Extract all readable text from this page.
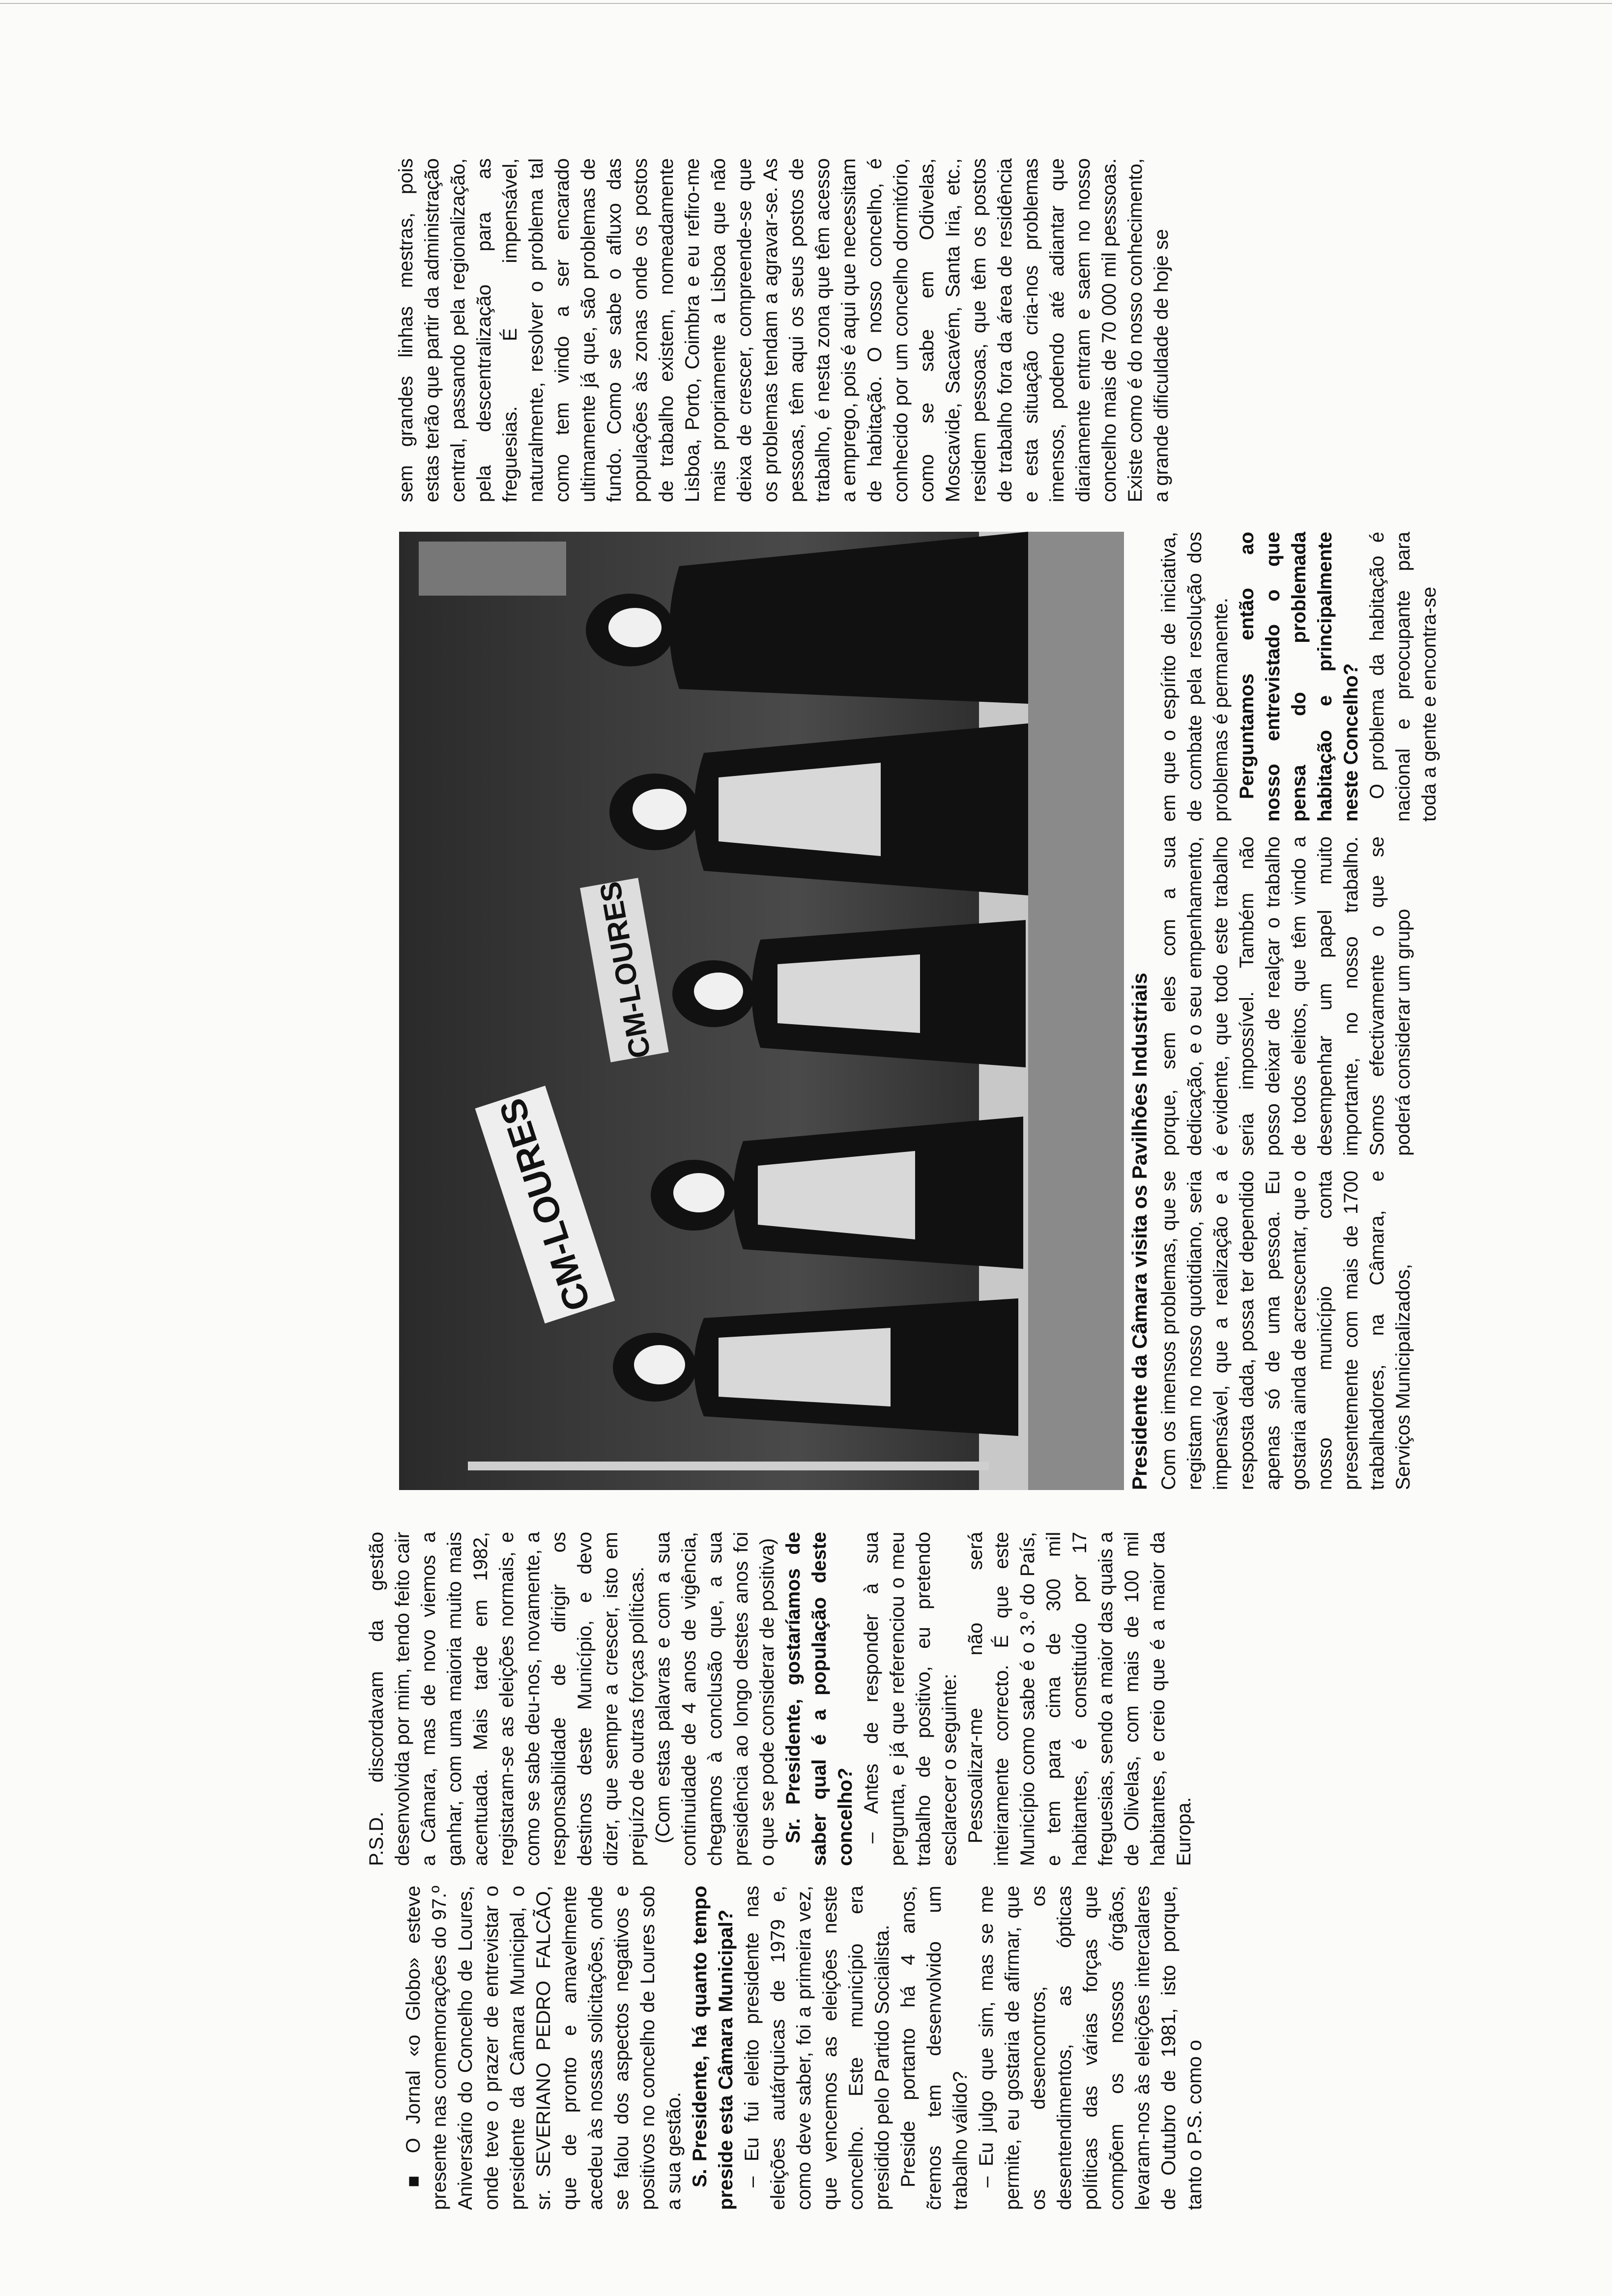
■ O Jornal «o Globo» esteve presente nas comemorações do 97.º Aniversário do Concelho de Loures, onde teve o prazer de entrevistar o presidente da Câmara Municipal, o sr. SEVERIANO PEDRO FALCÃO, que de pronto e amavelmente acedeu às nossas solicitações, onde se falou dos aspectos negativos e positivos no concelho de Loures sob a sua gestão. S. Presidente, há quanto tempo preside esta Câmara Municipal? – Eu fui eleito presidente nas eleições autárquicas de 1979 e, como deve saber, foi a primeira vez, que vencemos as eleições neste concelho. Este município era presidido pelo Partido Socialista. Preside portanto há 4 anos, c̃remos tem desenvolvido um trabalho válido? – Eu julgo que sim, mas se me permite, eu gostaria de afirmar, que os desencontros, os desentendimentos, as ópticas políticas das várias forças que compõem os nossos órgãos, levaram-nos às eleições intercalares de Outubro de 1981, isto porque, tanto o P.S. como o

P.S.D. discordavam da gestão desenvolvida por mim, tendo feito cair a Câmara, mas de novo viemos a ganhar, com uma maioria muito mais acentuada. Mais tarde em 1982, registaram-se as eleições normais, e como se sabe deu-nos, novamente, a responsabilidade de dirigir os destinos deste Município, e devo dizer, que sempre a crescer, isto em prejuízo de outras forças políticas. (Com estas palavras e com a sua continuidade de 4 anos de vigência, chegamos à conclusão que, a sua presidência ao longo destes anos foi o que se pode considerar de positiva) Sr. Presidente, gostaríamos de saber qual é a população deste concelho? – Antes de responder à sua pergunta, e já que referenciou o meu trabalho de positivo, eu pretendo esclarecer o seguinte: Pessoalizar-me não será inteiramente correcto. É que este Município como sabe é o 3.º do País, e tem para cima de 300 mil habitantes, é constituído por 17 freguesias, sendo a maior das quais a de Olivelas, com mais de 100 mil habitantes, e creio que é a maior da Europa.

CM-LOURES
CM-LOURES
Presidente da Câmara visita os Pavilhões Industriais Com os imensos problemas, que se registam no nosso quotidiano, seria impensável, que a realização e a resposta dada, possa ter dependido apenas só de uma pessoa. Eu gostaria ainda de acrescentar, que o nosso município conta presentemente com mais de 1700 trabalhadores, na Câmara, e Serviços Municipalizados,

porque, sem eles com a sua dedicação, e o seu empenhamento, é evidente, que todo este trabalho seria impossível. Também não posso deixar de realçar o trabalho de todos eleitos, que têm vindo a desempenhar um papel muito importante, no nosso trabalho. Somos efectivamente o que se poderá considerar um grupo

em que o espírito de iniciativa, de combate pela resolução dos problemas é permanente. Perguntamos então ao nosso entrevistado o que pensa do problemada habitação e principalmente neste Concelho? O problema da habitação é nacional e preocupante para toda a gente e encontra-se

sem grandes linhas mestras, pois estas terão que partir da administração central, passando pela regionalização, pela descentralização para as freguesias. É impensável, naturalmente, resolver o problema tal como tem vindo a ser encarado ultimamente já que, são problemas de fundo. Como se sabe o afluxo das populações às zonas onde os postos de trabalho existem, nomeadamente Lisboa, Porto, Coimbra e eu refiro-me mais propriamente a Lisboa que não deixa de crescer, compreende-se que os problemas tendam a agravar-se. As pessoas, têm aqui os seus postos de trabalho, é nesta zona que têm acesso a emprego, pois é aqui que necessitam de habitação. O nosso concelho, é conhecido por um concelho dormitório, como se sabe em Odivelas, Moscavide, Sacavém, Santa Iria, etc., residem pessoas, que têm os postos de trabalho fora da área de residência e esta situação cria-nos problemas imensos, podendo até adiantar que diariamente entram e saem no nosso concelho mais de 70 000 mil pesssoas. Existe como é do nosso conhecimento, a grande dificuldade de hoje se
